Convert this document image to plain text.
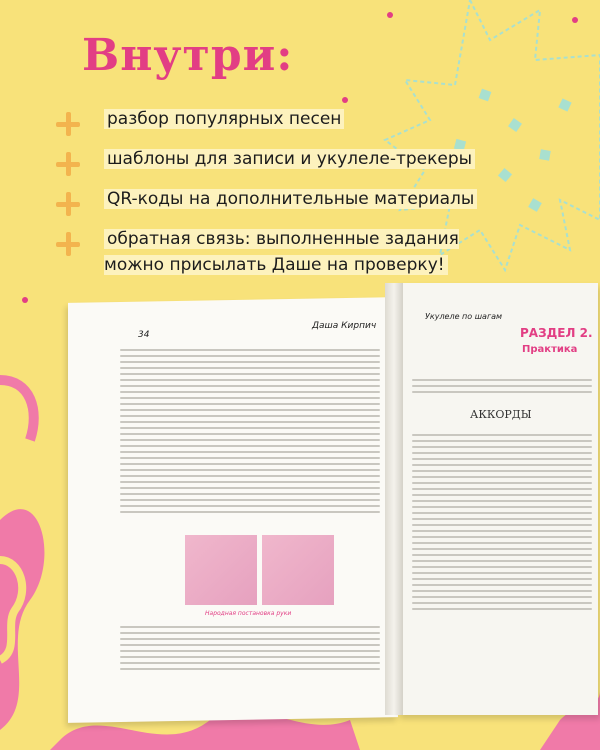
Внутри:
разбор популярных песен
шаблоны для записи и укулеле-трекеры
QR-коды на дополнительные материалы
обратная связь: выполненные задания можно присылать Даше на проверку!
34
Даша Кирпич
Народная постановка руки
Укулеле по шагам
РАЗДЕЛ 2.
Практика
АККОРДЫ
